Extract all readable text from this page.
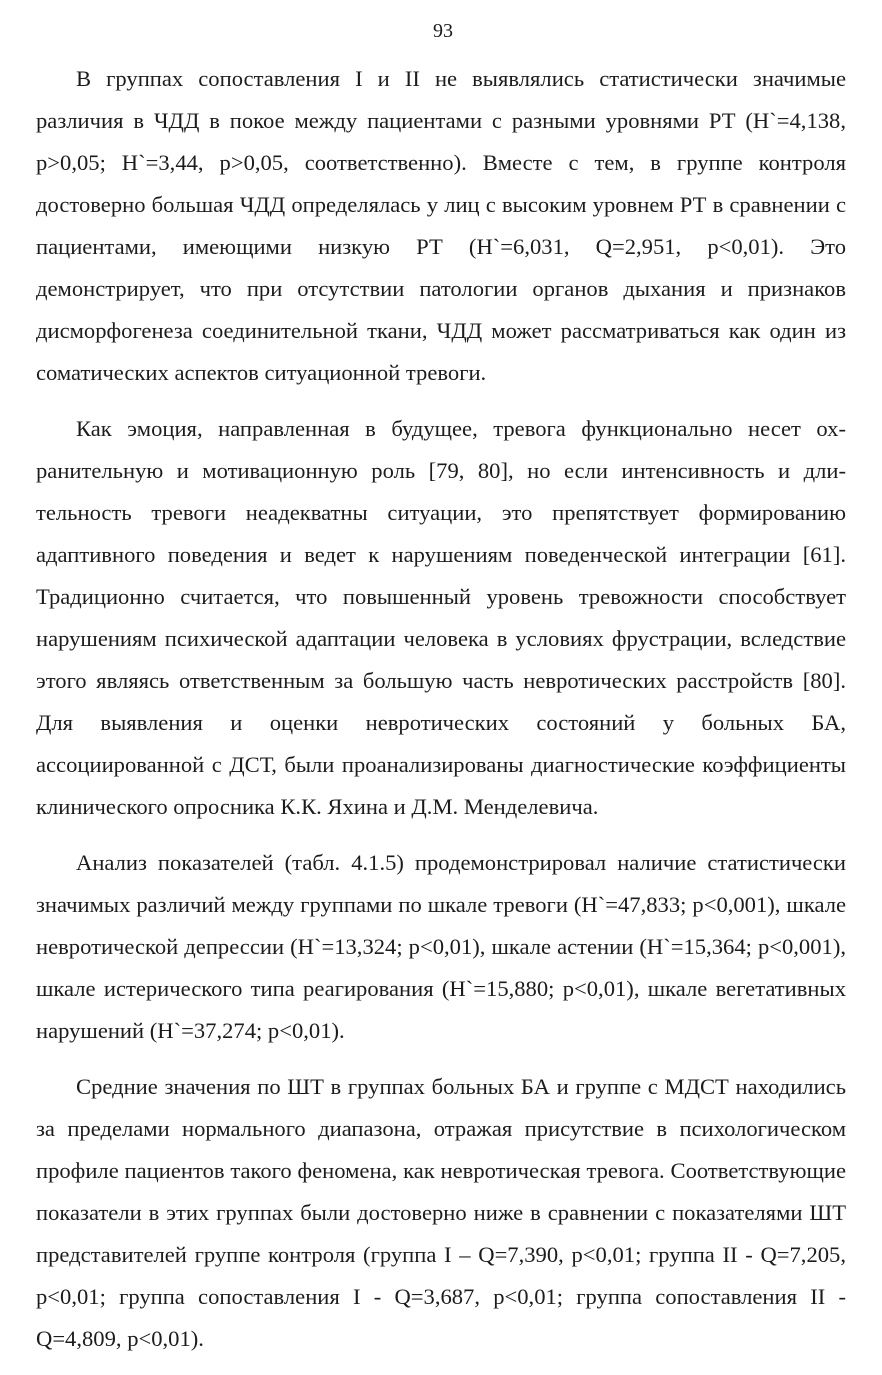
93

В группах сопоставления I и II не выявлялись статистически значимые различия в ЧДД в покое между пациентами с разными уровнями РТ (Н`=4,138, р>0,05; Н`=3,44, р>0,05, соответственно). Вместе с тем, в группе контроля достоверно большая ЧДД определялась у лиц с высоким уровнем РТ в сравнении с пациентами, имеющими низкую РТ (Н`=6,031, Q=2,951, р<0,01). Это демонстрирует, что при отсутствии патологии органов дыхания и признаков дисморфогенеза соединительной ткани, ЧДД может рассматриваться как один из соматических аспектов ситуационной тревоги.

Как эмоция, направленная в будущее, тревога функционально несет охранительную и мотивационную роль [79, 80], но если интенсивность и длительность тревоги неадекватны ситуации, это препятствует формированию адаптивного поведения и ведет к нарушениям поведенческой интеграции [61]. Традиционно считается, что повышенный уровень тревожности способствует нарушениям психической адаптации человека в условиях фрустрации, вследствие этого являясь ответственным за большую часть невротических расстройств [80]. Для выявления и оценки невротических состояний у больных БА, ассоциированной с ДСТ, были проанализированы диагностические коэффициенты клинического опросника К.К. Яхина и Д.М. Менделевича.

Анализ показателей (табл. 4.1.5) продемонстрировал наличие статистически значимых различий между группами по шкале тревоги (Н`=47,833; р<0,001), шкале невротической депрессии (Н`=13,324; р<0,01), шкале астении (Н`=15,364; р<0,001), шкале истерического типа реагирования (Н`=15,880; р<0,01), шкале вегетативных нарушений (Н`=37,274; р<0,01).

Средние значения по ШТ в группах больных БА и группе с МДСТ находились за пределами нормального диапазона, отражая присутствие в психологическом профиле пациентов такого феномена, как невротическая тревога. Соответствующие показатели в этих группах были достоверно ниже в сравнении с показателями ШТ представителей группе контроля (группа I – Q=7,390, р<0,01; группа II - Q=7,205, р<0,01; группа сопоставления I - Q=3,687, р<0,01; группа сопоставления II - Q=4,809, р<0,01).
